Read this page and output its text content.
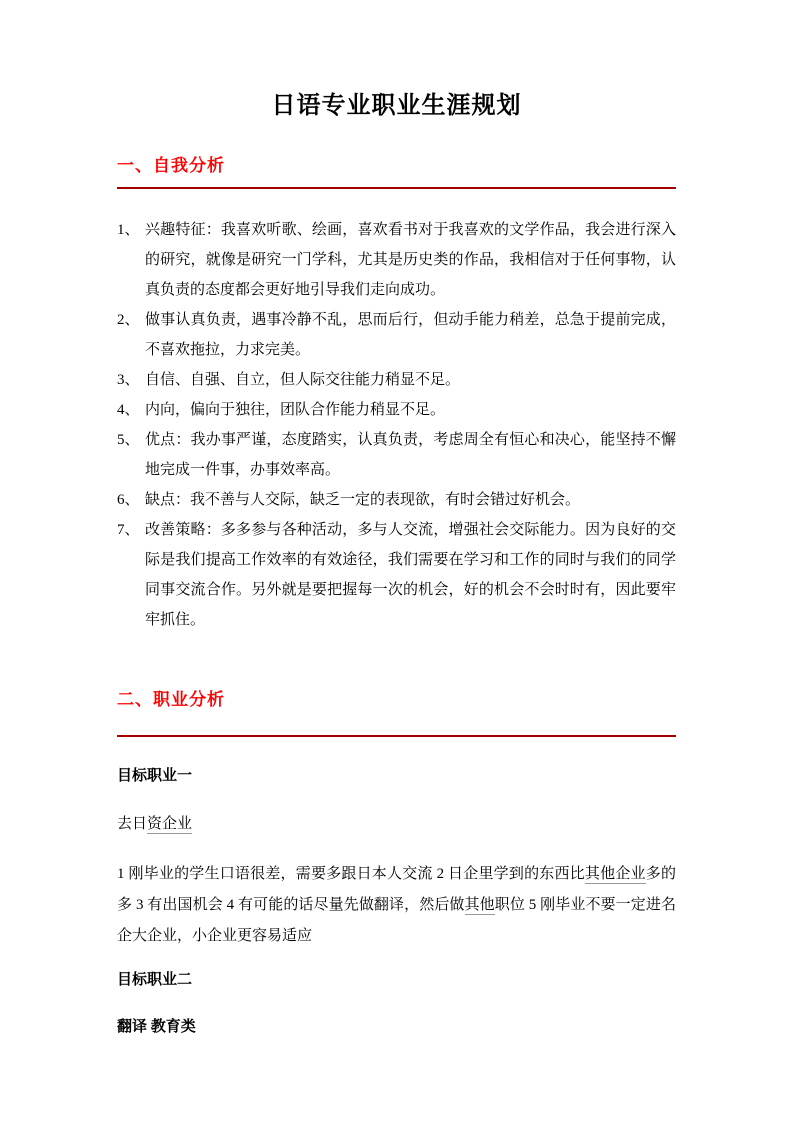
日语专业职业生涯规划
一、自我分析
1、 兴趣特征：我喜欢听歌、绘画，喜欢看书对于我喜欢的文学作品，我会进行深入的研究，就像是研究一门学科，尤其是历史类的作品，我相信对于任何事物，认真负责的态度都会更好地引导我们走向成功。
2、 做事认真负责，遇事冷静不乱，思而后行，但动手能力稍差，总急于提前完成，不喜欢拖拉，力求完美。
3、 自信、自强、自立，但人际交往能力稍显不足。
4、 内向，偏向于独往，团队合作能力稍显不足。
5、 优点：我办事严谨，态度踏实，认真负责，考虑周全有恒心和决心，能坚持不懈地完成一件事，办事效率高。
6、 缺点：我不善与人交际，缺乏一定的表现欲，有时会错过好机会。
7、 改善策略：多多参与各种活动，多与人交流，增强社会交际能力。因为良好的交际是我们提高工作效率的有效途径，我们需要在学习和工作的同时与我们的同学同事交流合作。另外就是要把握每一次的机会，好的机会不会时时有，因此要牢牢抓住。
二、职业分析
目标职业一
去日资企业
1 刚毕业的学生口语很差，需要多跟日本人交流 2 日企里学到的东西比其他企业多的多 3 有出国机会 4 有可能的话尽量先做翻译，然后做其他职位 5 刚毕业不要一定进名企大企业，小企业更容易适应
目标职业二
翻译 教育类
